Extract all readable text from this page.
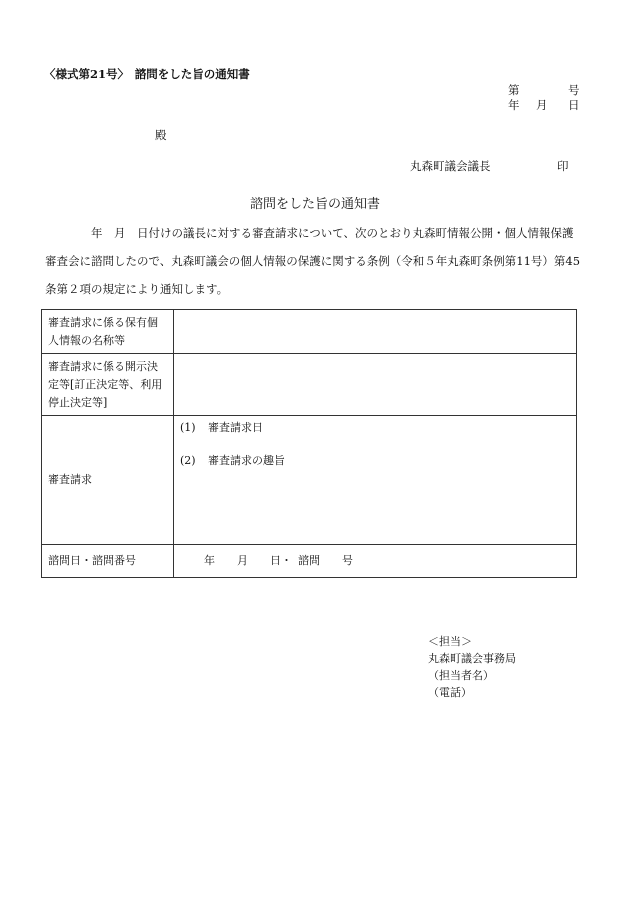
〈様式第21号〉　諮問をした旨の通知書
第	号
年 月 日
殿
丸森町議会議長	印
諮問をした旨の通知書

年　月　日付けの議長に対する審査請求について、次のとおり丸森町情報公開・個人情報保護審査会に諮問したので、丸森町議会の個人情報の保護に関する条例（令和５年丸森町条例第11号）第45条第２項の規定により通知します。

審査請求に係る保有個人情報の名称等	
審査請求に係る開示決定等[訂正決定等、利用停止決定等]	
審査請求	(1) 審査請求日
(2) 審査請求の趣旨

諮問日・諮問番号	年 月 日・ 諮問 号
＜担当＞
丸森町議会事務局
（担当者名）
（電話）
